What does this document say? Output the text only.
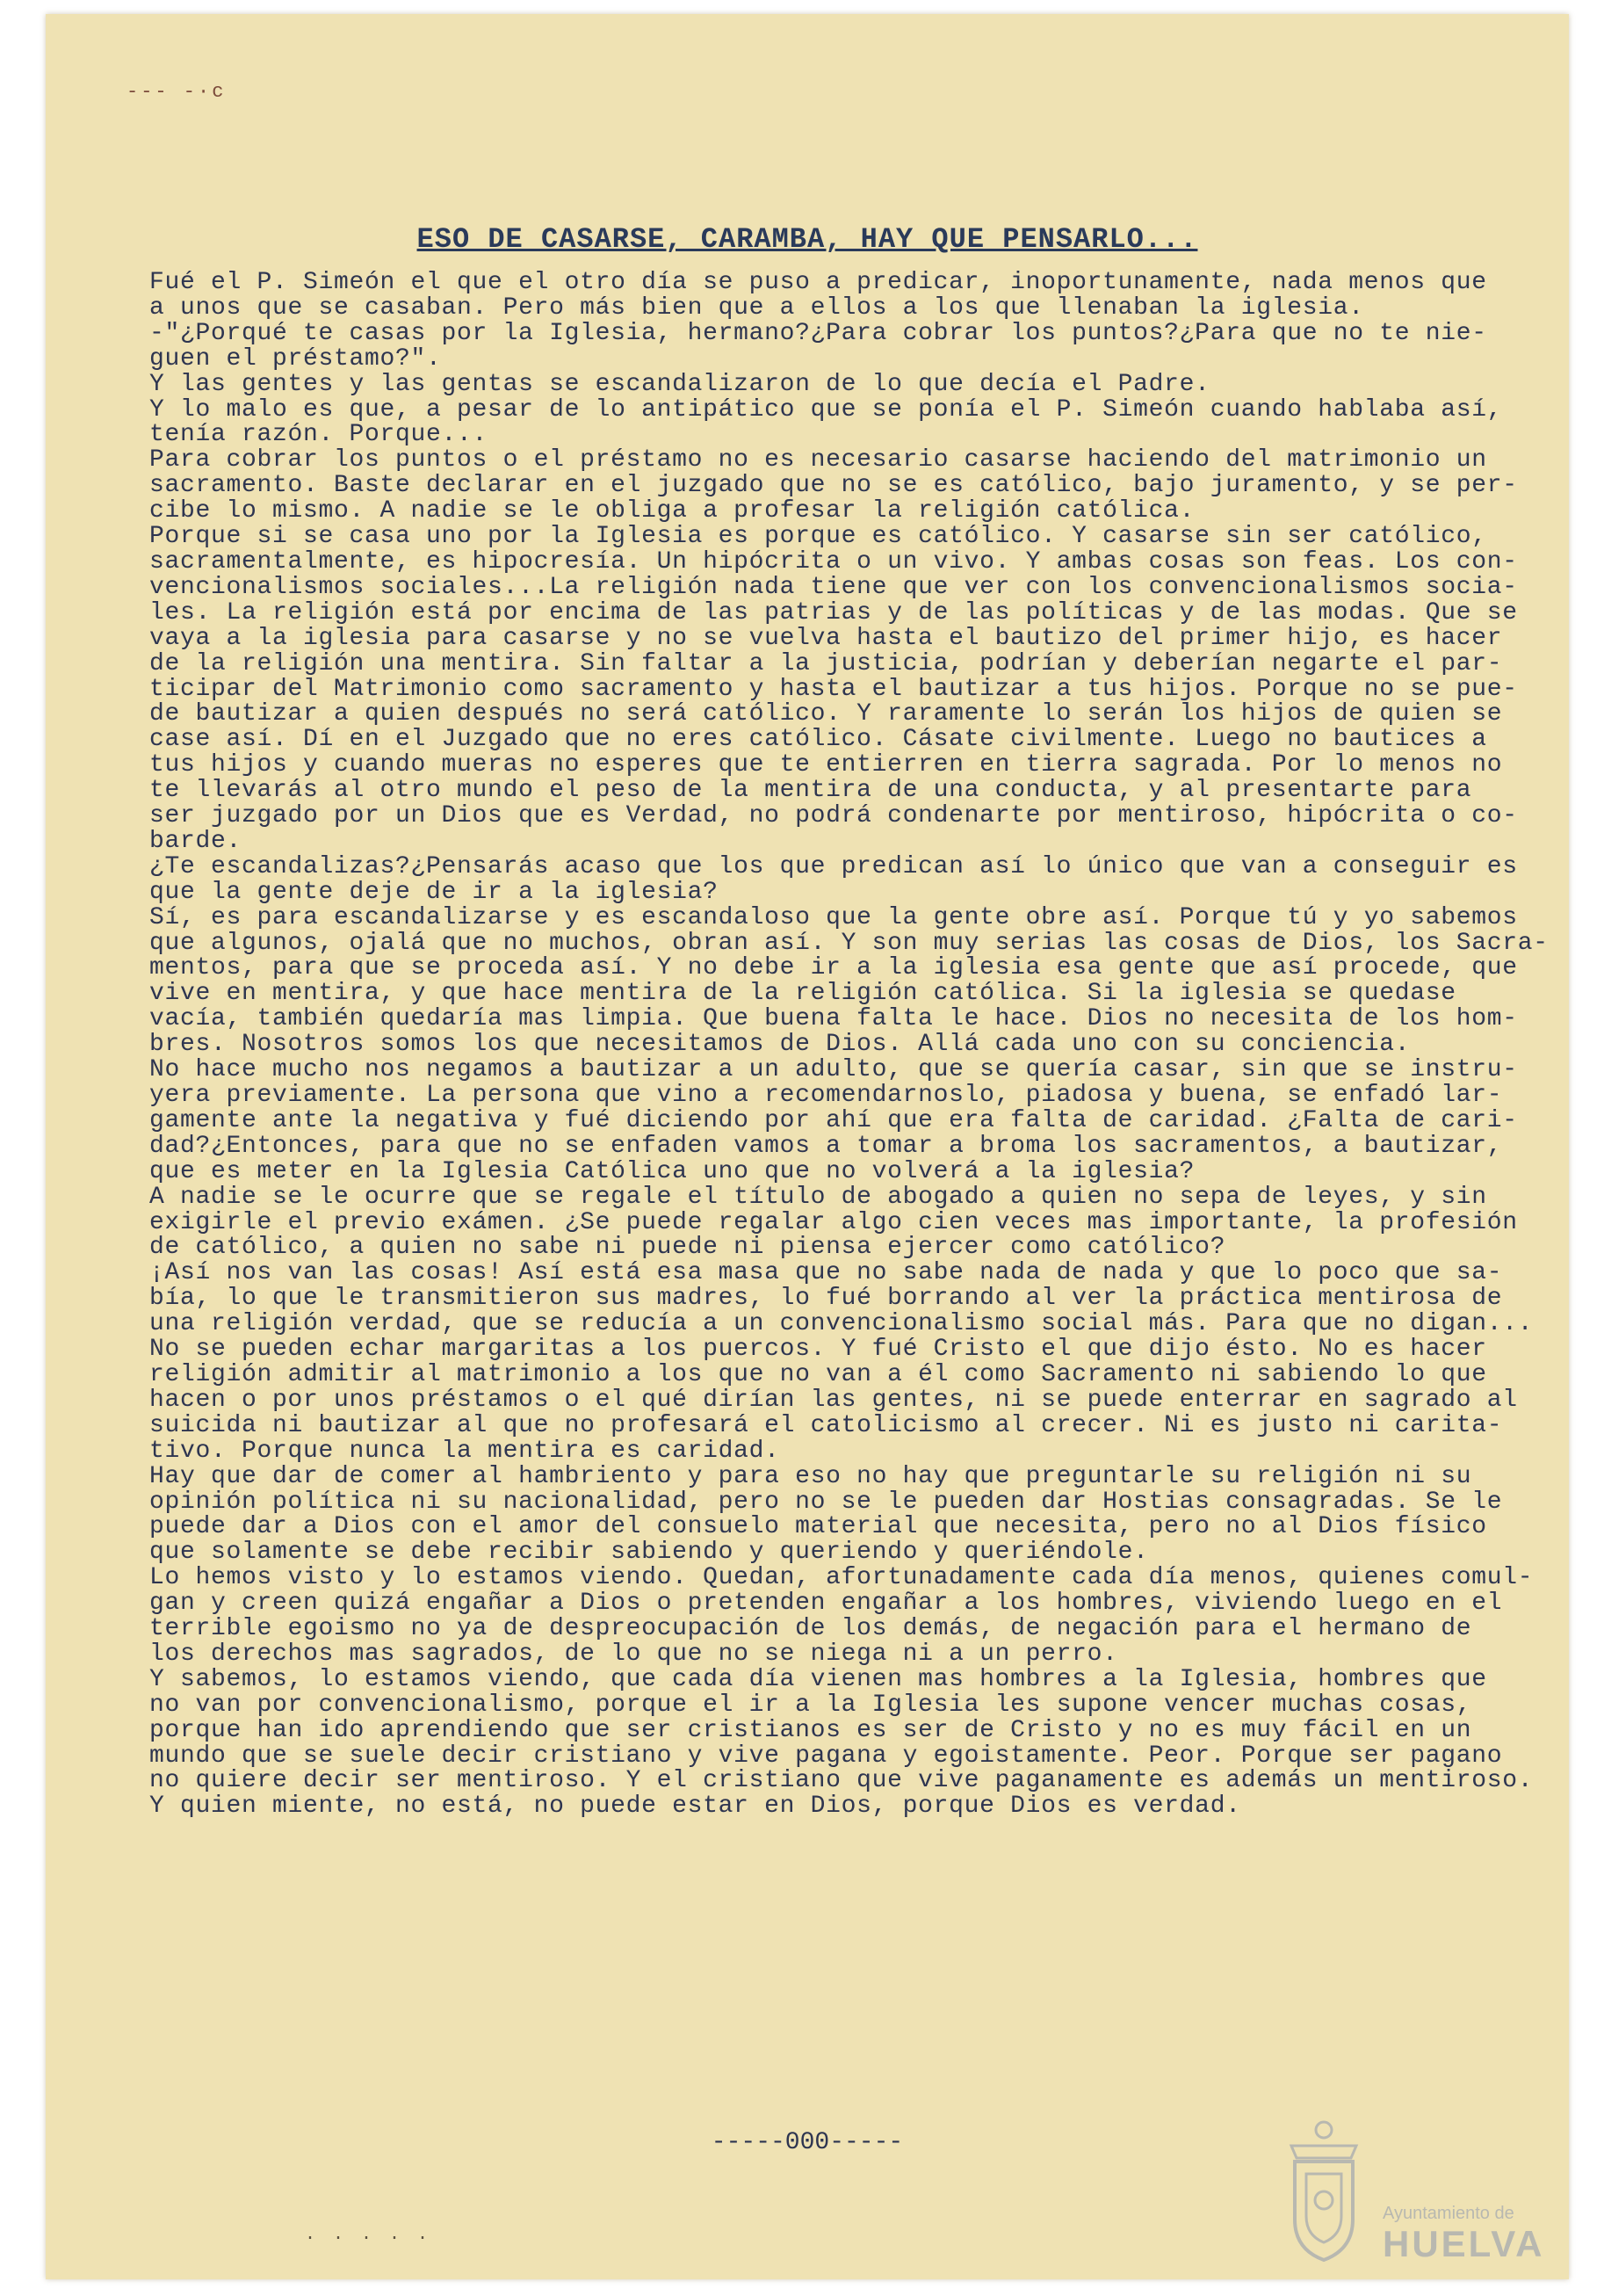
--- -·c
ESO DE CASARSE, CARAMBA, HAY QUE PENSARLO...
Fué el P. Simeón el que el otro día se puso a predicar, inoportunamente, nada menos que
a unos que se casaban. Pero más bien que a ellos a los que llenaban la iglesia.
-"¿Porqué te casas por la Iglesia, hermano?¿Para cobrar los puntos?¿Para que no te nie-
guen el préstamo?".
Y las gentes y las gentas se escandalizaron de lo que decía el Padre.
Y lo malo es que, a pesar de lo antipático que se ponía el P. Simeón cuando hablaba así,
tenía razón. Porque...
Para cobrar los puntos o el préstamo no es necesario casarse haciendo del matrimonio un
sacramento. Baste declarar en el juzgado que no se es católico, bajo juramento, y se per-
cibe lo mismo. A nadie se le obliga a profesar la religión católica.
Porque si se casa uno por la Iglesia es porque es católico. Y casarse sin ser católico,
sacramentalmente, es hipocresía. Un hipócrita o un vivo. Y ambas cosas son feas. Los con-
vencionalismos sociales...La religión nada tiene que ver con los convencionalismos socia-
les. La religión está por encima de las patrias y de las políticas y de las modas. Que se
vaya a la iglesia para casarse y no se vuelva hasta el bautizo del primer hijo, es hacer
de la religión una mentira. Sin faltar a la justicia, podrían y deberían negarte el par-
ticipar del Matrimonio como sacramento y hasta el bautizar a tus hijos. Porque no se pue-
de bautizar a quien después no será católico. Y raramente lo serán los hijos de quien se
case así. Dí en el Juzgado que no eres católico. Cásate civilmente. Luego no bautices a
tus hijos y cuando mueras no esperes que te entierren en tierra sagrada. Por lo menos no
te llevarás al otro mundo el peso de la mentira de una conducta, y al presentarte para
ser juzgado por un Dios que es Verdad, no podrá condenarte por mentiroso, hipócrita o co-
barde.
¿Te escandalizas?¿Pensarás acaso que los que predican así lo único que van a conseguir es
que la gente deje de ir a la iglesia?
Sí, es para escandalizarse y es escandaloso que la gente obre así. Porque tú y yo sabemos
que algunos, ojalá que no muchos, obran así. Y son muy serias las cosas de Dios, los Sacra-
mentos, para que se proceda así. Y no debe ir a la iglesia esa gente que así procede, que
vive en mentira, y que hace mentira de la religión católica. Si la iglesia se quedase
vacía, también quedaría mas limpia. Que buena falta le hace. Dios no necesita de los hom-
bres. Nosotros somos los que necesitamos de Dios. Allá cada uno con su conciencia.
No hace mucho nos negamos a bautizar a un adulto, que se quería casar, sin que se instru-
yera previamente. La persona que vino a recomendarnoslo, piadosa y buena, se enfadó lar-
gamente ante la negativa y fué diciendo por ahí que era falta de caridad. ¿Falta de cari-
dad?¿Entonces, para que no se enfaden vamos a tomar a broma los sacramentos, a bautizar,
que es meter en la Iglesia Católica uno que no volverá a la iglesia?
A nadie se le ocurre que se regale el título de abogado a quien no sepa de leyes, y sin
exigirle el previo exámen. ¿Se puede regalar algo cien veces mas importante, la profesión
de católico, a quien no sabe ni puede ni piensa ejercer como católico?
¡Así nos van las cosas! Así está esa masa que no sabe nada de nada y que lo poco que sa-
bía, lo que le transmitieron sus madres, lo fué borrando al ver la práctica mentirosa de
una religión verdad, que se reducía a un convencionalismo social más. Para que no digan...
No se pueden echar margaritas a los puercos. Y fué Cristo el que dijo ésto. No es hacer
religión admitir al matrimonio a los que no van a él como Sacramento ni sabiendo lo que
hacen o por unos préstamos o el qué dirían las gentes, ni se puede enterrar en sagrado al
suicida ni bautizar al que no profesará el catolicismo al crecer. Ni es justo ni carita-
tivo. Porque nunca la mentira es caridad.
Hay que dar de comer al hambriento y para eso no hay que preguntarle su religión ni su
opinión política ni su nacionalidad, pero no se le pueden dar Hostias consagradas. Se le
puede dar a Dios con el amor del consuelo material que necesita, pero no al Dios físico
que solamente se debe recibir sabiendo y queriendo y queriéndole.
Lo hemos visto y lo estamos viendo. Quedan, afortunadamente cada día menos, quienes comul-
gan y creen quizá engañar a Dios o pretenden engañar a los hombres, viviendo luego en el
terrible egoismo no ya de despreocupación de los demás, de negación para el hermano de
los derechos mas sagrados, de lo que no se niega ni a un perro.
Y sabemos, lo estamos viendo, que cada día vienen mas hombres a la Iglesia, hombres que
no van por convencionalismo, porque el ir a la Iglesia les supone vencer muchas cosas,
porque han ido aprendiendo que ser cristianos es ser de Cristo y no es muy fácil en un
mundo que se suele decir cristiano y vive pagana y egoistamente. Peor. Porque ser pagano
no quiere decir ser mentiroso. Y el cristiano que vive paganamente es además un mentiroso.
Y quien miente, no está, no puede estar en Dios, porque Dios es verdad.
-----000-----
· · · · ·
Ayuntamiento de
HUELVA
